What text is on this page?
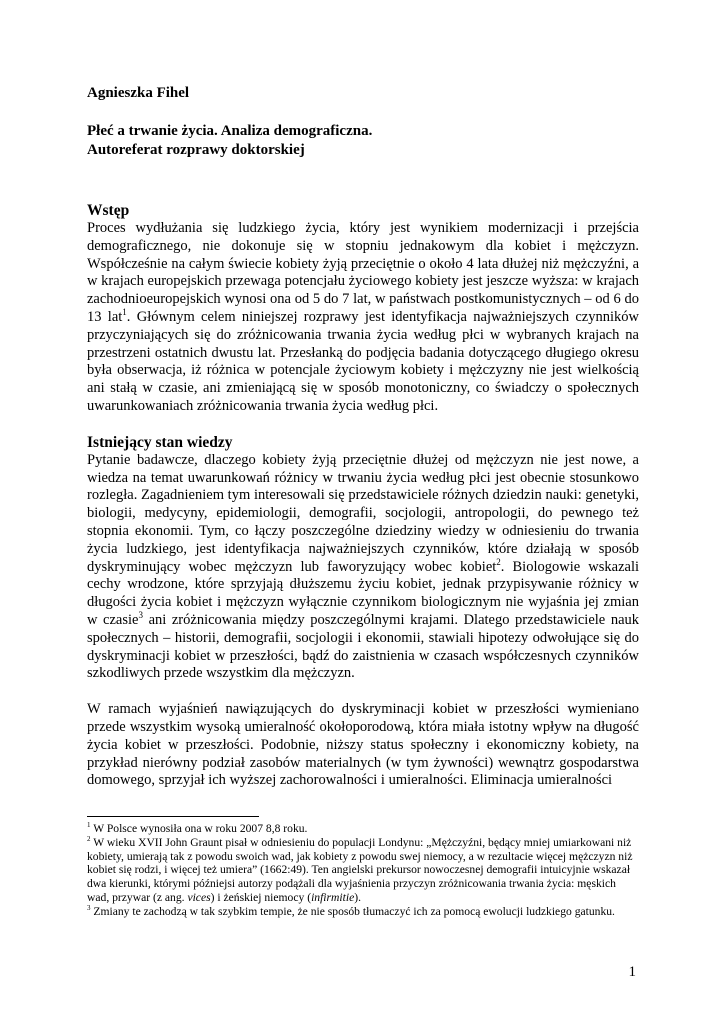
Agnieszka Fihel

Płeć a trwanie życia. Analiza demograficzna.
Autoreferat rozprawy doktorskiej

Wstęp

Proces wydłużania się ludzkiego życia, który jest wynikiem modernizacji i przejścia demograficznego, nie dokonuje się w stopniu jednakowym dla kobiet i mężczyzn. Współcześnie na całym świecie kobiety żyją przeciętnie o około 4 lata dłużej niż mężczyźni, a w krajach europejskich przewaga potencjału życiowego kobiety jest jeszcze wyższa: w krajach zachodnioeuropejskich wynosi ona od 5 do 7 lat, w państwach postkomunistycznych – od 6 do 13 lat$^1$. Głównym celem niniejszej rozprawy jest identyfikacja najważniejszych czynników przyczyniających się do zróżnicowania trwania życia według płci w wybranych krajach na przestrzeni ostatnich dwustu lat. Przesłanką do podjęcia badania dotyczącego długiego okresu była obserwacja, iż różnica w potencjale życiowym kobiety i mężczyzny nie jest wielkością ani stałą w czasie, ani zmieniającą się w sposób monotoniczny, co świadczy o społecznych uwarunkowaniach zróżnicowania trwania życia według płci.

Istniejący stan wiedzy

Pytanie badawcze, dlaczego kobiety żyją przeciętnie dłużej od mężczyzn nie jest nowe, a wiedza na temat uwarunkowań różnicy w trwaniu życia według płci jest obecnie stosunkowo rozległa. Zagadnieniem tym interesowali się przedstawiciele różnych dziedzin nauki: genetyki, biologii, medycyny, epidemiologii, demografii, socjologii, antropologii, do pewnego też stopnia ekonomii. Tym, co łączy poszczególne dziedziny wiedzy w odniesieniu do trwania życia ludzkiego, jest identyfikacja najważniejszych czynników, które działają w sposób dyskryminujący wobec mężczyzn lub faworyzujący wobec kobiet$^2$. Biologowie wskazali cechy wrodzone, które sprzyjają dłuższemu życiu kobiet, jednak przypisywanie różnicy w długości życia kobiet i mężczyzn wyłącznie czynnikom biologicznym nie wyjaśnia jej zmian w czasie$^3$ ani zróżnicowania między poszczególnymi krajami. Dlatego przedstawiciele nauk społecznych – historii, demografii, socjologii i ekonomii, stawiali hipotezy odwołujące się do dyskryminacji kobiet w przeszłości, bądź do zaistnienia w czasach współczesnych czynników szkodliwych przede wszystkim dla mężczyzn.

W ramach wyjaśnień nawiązujących do dyskryminacji kobiet w przeszłości wymieniano przede wszystkim wysoką umieralność okołoporodową, która miała istotny wpływ na długość życia kobiet w przeszłości. Podobnie, niższy status społeczny i ekonomiczny kobiety, na przykład nierówny podział zasobów materialnych (w tym żywności) wewnątrz gospodarstwa domowego, sprzyjał ich wyższej zachorowalności i umieralności. Eliminacja umieralności

$^1$ W Polsce wynosiła ona w roku 2007 8,8 roku.

$^2$ W wieku XVII John Graunt pisał w odniesieniu do populacji Londynu: „Mężczyźni, będący mniej umiarkowani niż kobiety, umierają tak z powodu swoich wad, jak kobiety z powodu swej niemocy, a w rezultacie więcej mężczyzn niż kobiet się rodzi, i więcej też umiera” (1662:49). Ten angielski prekursor nowoczesnej demografii intuicyjnie wskazał dwa kierunki, którymi późniejsi autorzy podążali dla wyjaśnienia przyczyn zróżnicowania trwania życia: męskich wad, przywar (z ang. vices) i żeńskiej niemocy (infirmitie).

$^3$ Zmiany te zachodzą w tak szybkim tempie, że nie sposób tłumaczyć ich za pomocą ewolucji ludzkiego gatunku.

1
